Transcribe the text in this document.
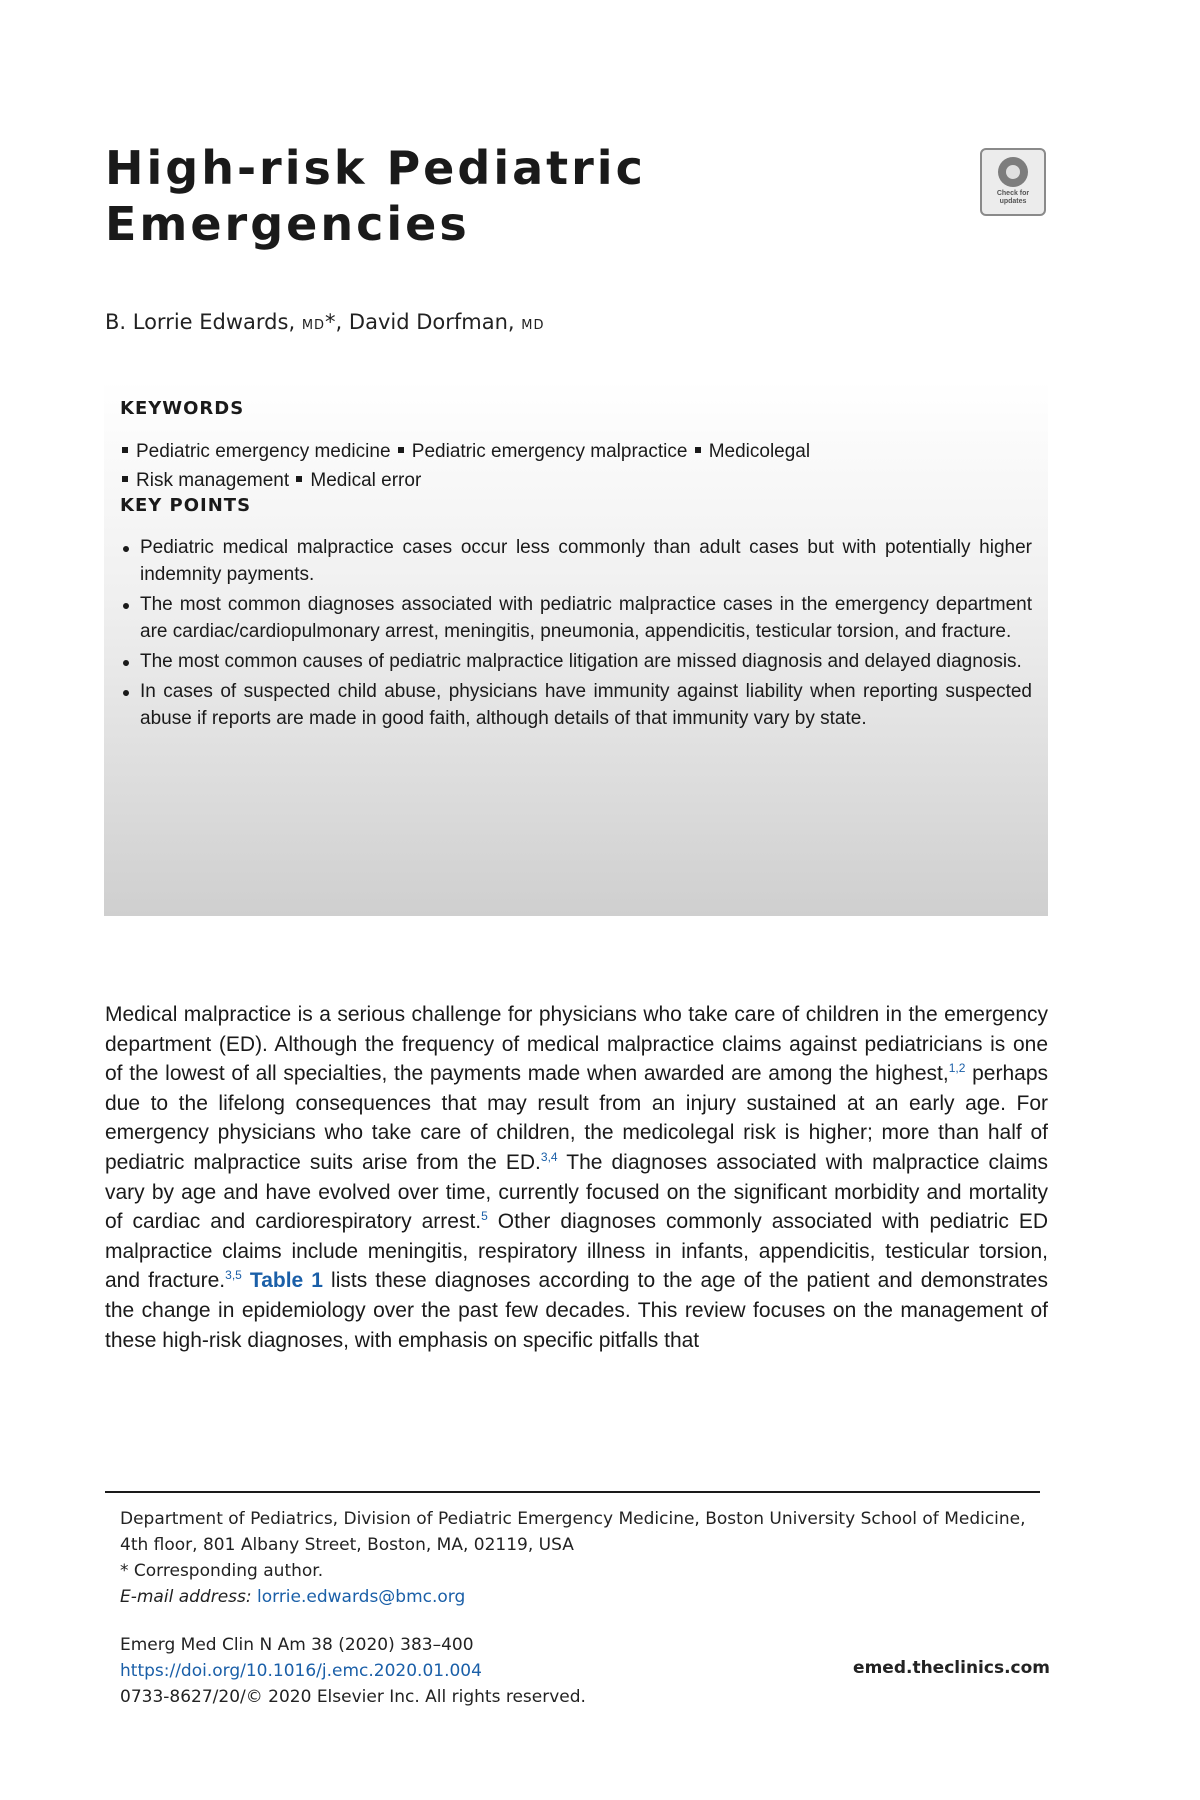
High-risk Pediatric
Emergencies
Check for updates
B. Lorrie Edwards, MD*, David Dorfman, MD
KEYWORDS
Pediatric emergency medicine Pediatric emergency malpractice Medicolegal
Risk management Medical error
KEY POINTS
Pediatric medical malpractice cases occur less commonly than adult cases but with potentially higher indemnity payments.
The most common diagnoses associated with pediatric malpractice cases in the emergency department are cardiac/cardiopulmonary arrest, meningitis, pneumonia, appendicitis, testicular torsion, and fracture.
The most common causes of pediatric malpractice litigation are missed diagnosis and delayed diagnosis.
In cases of suspected child abuse, physicians have immunity against liability when reporting suspected abuse if reports are made in good faith, although details of that immunity vary by state.

Medical malpractice is a serious challenge for physicians who take care of children in the emergency department (ED). Although the frequency of medical malpractice claims against pediatricians is one of the lowest of all specialties, the payments made when awarded are among the highest,$^{1,2}$ perhaps due to the lifelong consequences that may result from an injury sustained at an early age. For emergency physicians who take care of children, the medicolegal risk is higher; more than half of pediatric malpractice suits arise from the ED.$^{3,4}$ The diagnoses associated with malpractice claims vary by age and have evolved over time, currently focused on the significant morbidity and mortality of cardiac and cardiorespiratory arrest.$^5$ Other diagnoses commonly associated with pediatric ED malpractice claims include meningitis, respiratory illness in infants, appendicitis, testicular torsion, and fracture.$^{3,5}$ Table 1 lists these diagnoses according to the age of the patient and demonstrates the change in epidemiology over the past few decades. This review focuses on the management of these high-risk diagnoses, with emphasis on specific pitfalls that

Department of Pediatrics, Division of Pediatric Emergency Medicine, Boston University School of Medicine, 4th floor, 801 Albany Street, Boston, MA, 02119, USA
* Corresponding author.
E-mail address: lorrie.edwards@bmc.org
Emerg Med Clin N Am 38 (2020) 383–400
https://doi.org/10.1016/j.emc.2020.01.004
0733-8627/20/© 2020 Elsevier Inc. All rights reserved.
emed.theclinics.com
